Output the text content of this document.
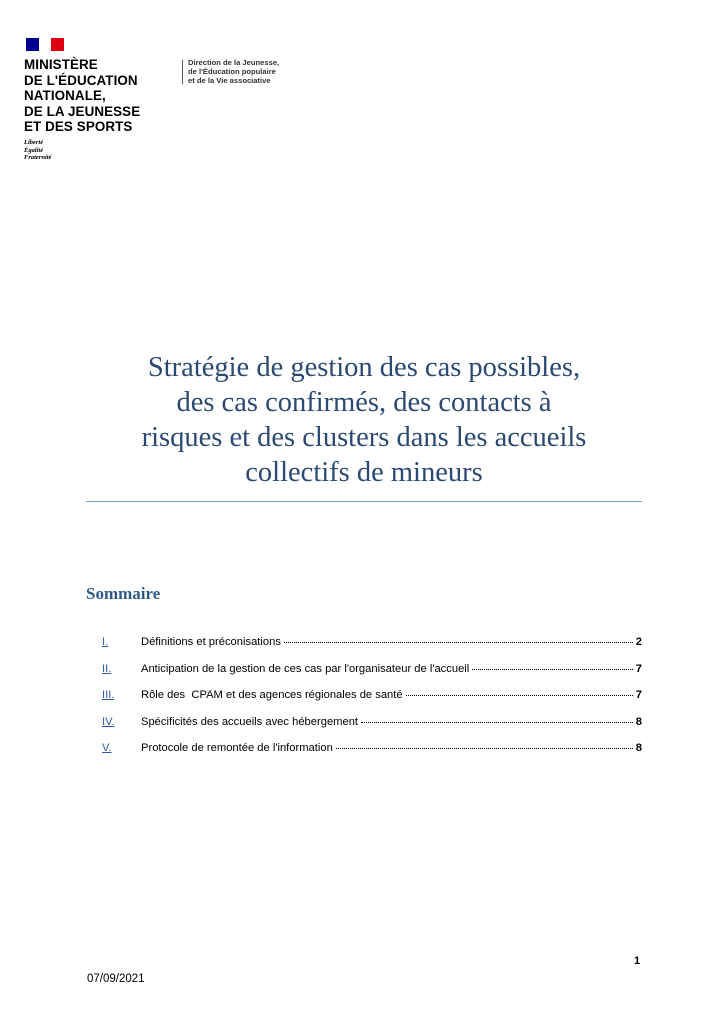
MINISTÈRE
DE L'ÉDUCATION
NATIONALE,
DE LA JEUNESSE
ET DES SPORTS
Liberté
Égalité
Fraternité
Direction de la Jeunesse,
de l'Éducation populaire
et de la Vie associative
Stratégie de gestion des cas possibles,
des cas confirmés, des contacts à
risques et des clusters dans les accueils
collectifs de mineurs
Sommaire
I.	Définitions et préconisations	2
II.	Anticipation de la gestion de ces cas par l'organisateur de l'accueil	7
III.	Rôle des  CPAM et des agences régionales de santé	7
IV.	Spécificités des accueils avec hébergement	8
V.	Protocole de remontée de l'information	8
1
07/09/2021
